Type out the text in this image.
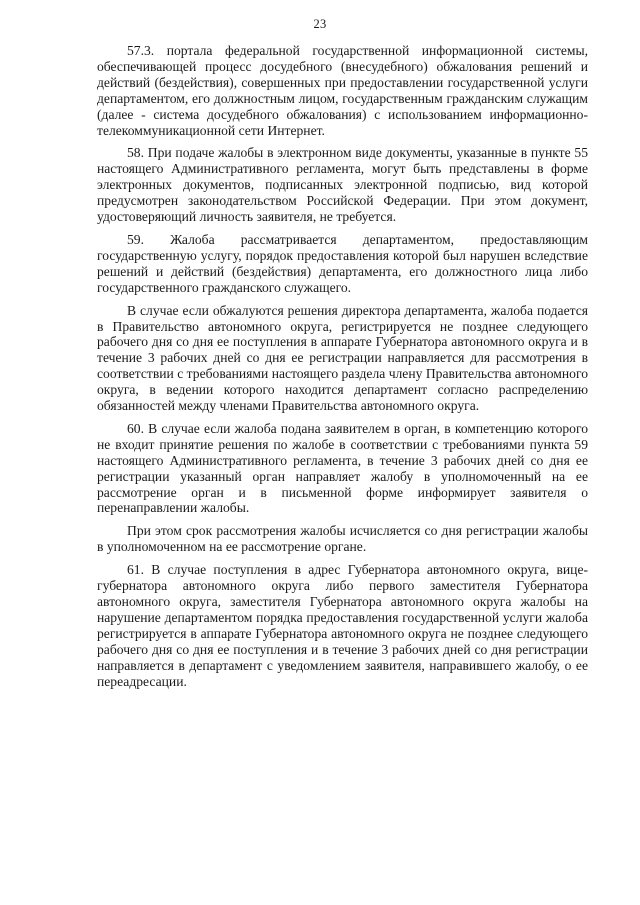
23

57.3. портала федеральной государственной информационной системы, обеспечивающей процесс досудебного (внесудебного) обжалования решений и действий (бездействия), совершенных при предоставлении государственной услуги департаментом, его должностным лицом, государственным гражданским служащим (далее - система досудебного обжалования) с использованием информационно-телекоммуникационной сети Интернет.

58. При подаче жалобы в электронном виде документы, указанные в пункте 55 настоящего Административного регламента, могут быть представлены в форме электронных документов, подписанных электронной подписью, вид которой предусмотрен законодательством Российской Федерации. При этом документ, удостоверяющий личность заявителя, не требуется.

59. Жалоба рассматривается департаментом, предоставляющим государственную услугу, порядок предоставления которой был нарушен вследствие решений и действий (бездействия) департамента, его должностного лица либо государственного гражданского служащего.

В случае если обжалуются решения директора департамента, жалоба подается в Правительство автономного округа, регистрируется не позднее следующего рабочего дня со дня ее поступления в аппарате Губернатора автономного округа и в течение 3 рабочих дней со дня ее регистрации направляется для рассмотрения в соответствии с требованиями настоящего раздела члену Правительства автономного округа, в ведении которого находится департамент согласно распределению обязанностей между членами Правительства автономного округа.

60. В случае если жалоба подана заявителем в орган, в компетенцию которого не входит принятие решения по жалобе в соответствии с требованиями пункта 59 настоящего Административного регламента, в течение 3 рабочих дней со дня ее регистрации указанный орган направляет жалобу в уполномоченный на ее рассмотрение орган и в письменной форме информирует заявителя о перенаправлении жалобы.

При этом срок рассмотрения жалобы исчисляется со дня регистрации жалобы в уполномоченном на ее рассмотрение органе.

61. В случае поступления в адрес Губернатора автономного округа, вице-губернатора автономного округа либо первого заместителя Губернатора автономного округа, заместителя Губернатора автономного округа жалобы на нарушение департаментом порядка предоставления государственной услуги жалоба регистрируется в аппарате Губернатора автономного округа не позднее следующего рабочего дня со дня ее поступления и в течение 3 рабочих дней со дня регистрации направляется в департамент с уведомлением заявителя, направившего жалобу, о ее переадресации.
